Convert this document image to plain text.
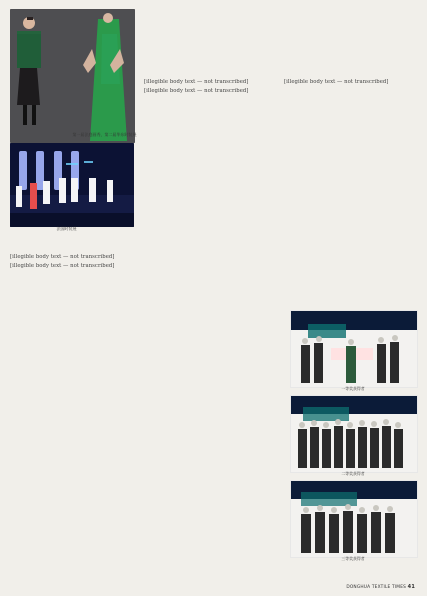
第一届法庭画秀，第二届华东时装展
法国时装展

[illegible body text — not transcribed]

[illegible body text — not transcribed]

[illegible body text — not transcribed]

[illegible body text — not transcribed]

[illegible body text — not transcribed]

一等奖获得者
二等奖获得者
三等奖获得者
DONGHUA TEXTILE TIMES 41
